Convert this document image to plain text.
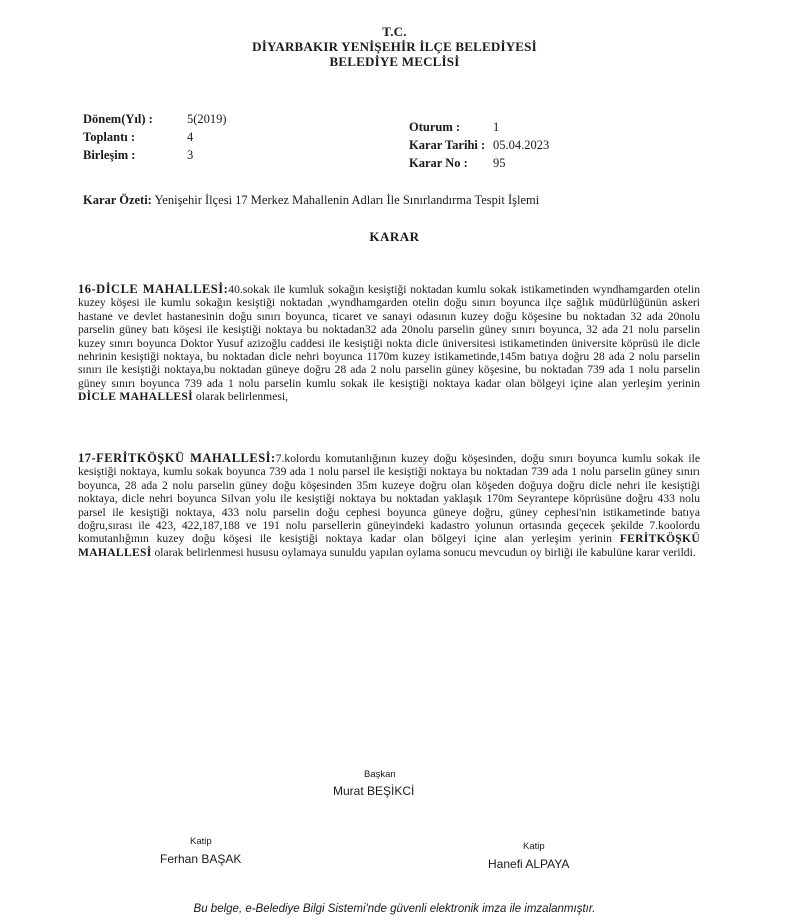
T.C.
DİYARBAKIR YENİŞEHİR İLÇE BELEDİYESİ
BELEDİYE MECLİSİ
Dönem(Yıl) :	5(2019)
Toplantı :	4
Birleşim :	3
Oturum :	1
Karar Tarihi : 05.04.2023
Karar No : 95
Karar Özeti: Yenişehir İlçesi 17 Merkez Mahallenin Adları İle Sınırlandırma Tespit İşlemi
KARAR
16-DİCLE MAHALLESİ:40.sokak ile kumluk sokağın kesiştiği noktadan kumlu sokak istikametinden wyndhamgarden otelin kuzey köşesi ile kumlu sokağın kesiştiği noktadan ,wyndhamgarden otelin doğu sınırı boyunca ilçe sağlık müdürlüğünün askeri hastane ve devlet hastanesinin doğu sınırı boyunca, ticaret ve sanayi odasının kuzey doğu köşesine bu noktadan 32 ada 20nolu parselin güney batı köşesi ile kesiştiği noktaya bu noktadan32 ada 20nolu parselin güney sınırı boyunca, 32 ada 21 nolu parselin kuzey sınırı boyunca Doktor Yusuf azizoğlu caddesi ile kesiştiği nokta dicle üniversitesi istikametinden üniversite köprüsü ile dicle nehrinin kesiştiği noktaya, bu noktadan dicle nehri boyunca 1170m kuzey istikametinde,145m batıya doğru 28 ada 2 nolu parselin sınırı ile kesiştiği noktaya,bu noktadan güneye doğru 28 ada 2 nolu parselin güney köşesine, bu noktadan 739 ada 1 nolu parselin güney sınırı boyunca 739 ada 1 nolu parselin kumlu sokak ile kesiştiği noktaya kadar olan bölgeyi içine alan yerleşim yerinin DİCLE MAHALLESİ olarak belirlenmesi,
17-FERİTKÖŞKÜ MAHALLESİ:7.kolordu komutanlığının kuzey doğu köşesinden, doğu sınırı boyunca kumlu sokak ile kesiştiği noktaya, kumlu sokak boyunca 739 ada 1 nolu parsel ile kesiştiği noktaya bu noktadan 739 ada 1 nolu parselin güney sınırı boyunca, 28 ada 2 nolu parselin güney doğu köşesinden 35m kuzeye doğru olan köşeden doğuya doğru dicle nehri ile kesiştiği noktaya, dicle nehri boyunca Silvan yolu ile kesiştiği noktaya bu noktadan yaklaşık 170m Seyrantepe köprüsüne doğru 433 nolu parsel ile kesiştiği noktaya, 433 nolu parselin doğu cephesi boyunca güneye doğru, güney cephesi'nin istikametinde batıya doğru,sırası ile 423, 422,187,188 ve 191 nolu parsellerin güneyindeki kadastro yolunun ortasında geçecek şekilde 7.koolordu komutanlığının kuzey doğu köşesi ile kesiştiği noktaya kadar olan bölgeyi içine alan yerleşim yerinin FERİTKÖŞKÜ MAHALLESİ olarak belirlenmesi hususu oylamaya sunuldu yapılan oylama sonucu mevcudun oy birliği ile kabulüne karar verildi.
Başkan
Murat BEŞİKCİ
Katip
Ferhan BAŞAK
Katip
Hanefi ALPAYA
Bu belge, e-Belediye Bilgi Sistemi'nde güvenli elektronik imza ile imzalanmıştır.
